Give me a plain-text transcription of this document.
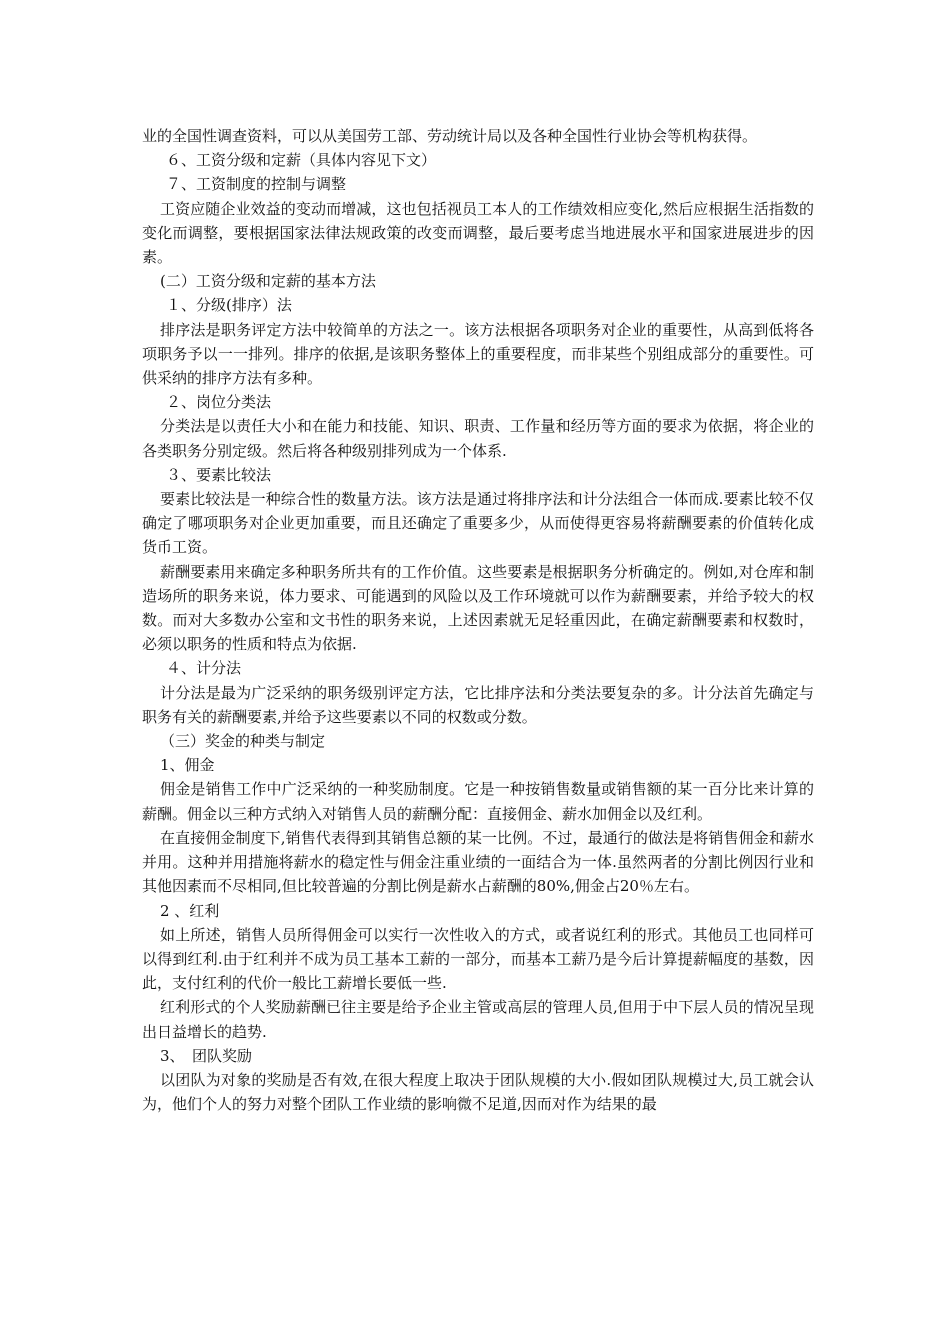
业的全国性调查资料，可以从美国劳工部、劳动统计局以及各种全国性行业协会等机构获得。
６、工资分级和定薪（具体内容见下文）
７、工资制度的控制与调整
工资应随企业效益的变动而增减，这也包括视员工本人的工作绩效相应变化,然后应根据生活指数的变化而调整，要根据国家法律法规政策的改变而调整，最后要考虑当地进展水平和国家进展进步的因素。
(二）工资分级和定薪的基本方法
１、分级(排序）法
排序法是职务评定方法中较简单的方法之一。该方法根据各项职务对企业的重要性，从高到低将各项职务予以一一排列。排序的依据,是该职务整体上的重要程度，而非某些个别组成部分的重要性。可供采纳的排序方法有多种。
２、岗位分类法
分类法是以责任大小和在能力和技能、知识、职责、工作量和经历等方面的要求为依据，将企业的各类职务分别定级。然后将各种级别排列成为一个体系.
３、要素比较法
要素比较法是一种综合性的数量方法。该方法是通过将排序法和计分法组合一体而成.要素比较不仅确定了哪项职务对企业更加重要，而且还确定了重要多少，从而使得更容易将薪酬要素的价值转化成货币工资。
薪酬要素用来确定多种职务所共有的工作价值。这些要素是根据职务分析确定的。例如,对仓库和制造场所的职务来说，体力要求、可能遇到的风险以及工作环境就可以作为薪酬要素，并给予较大的权数。而对大多数办公室和文书性的职务来说，上述因素就无足轻重因此，在确定薪酬要素和权数时，必须以职务的性质和特点为依据.
４、计分法
计分法是最为广泛采纳的职务级别评定方法，它比排序法和分类法要复杂的多。计分法首先确定与职务有关的薪酬要素,并给予这些要素以不同的权数或分数。
（三）奖金的种类与制定
1、佣金
佣金是销售工作中广泛采纳的一种奖励制度。它是一种按销售数量或销售额的某一百分比来计算的薪酬。佣金以三种方式纳入对销售人员的薪酬分配：直接佣金、薪水加佣金以及红利。
在直接佣金制度下,销售代表得到其销售总额的某一比例。不过，最通行的做法是将销售佣金和薪水并用。这种并用措施将薪水的稳定性与佣金注重业绩的一面结合为一体.虽然两者的分割比例因行业和其他因素而不尽相同,但比较普遍的分割比例是薪水占薪酬的80%,佣金占20％左右。
2 、红利
如上所述，销售人员所得佣金可以实行一次性收入的方式，或者说红利的形式。其他员工也同样可以得到红利.由于红利并不成为员工基本工薪的一部分，而基本工薪乃是今后计算提薪幅度的基数，因此，支付红利的代价一般比工薪增长要低一些.
红利形式的个人奖励薪酬已往主要是给予企业主管或高层的管理人员,但用于中下层人员的情况呈现出日益增长的趋势.
3、　团队奖励
以团队为对象的奖励是否有效,在很大程度上取决于团队规模的大小.假如团队规模过大,员工就会认为，他们个人的努力对整个团队工作业绩的影响微不足道,因而对作为结果的最
